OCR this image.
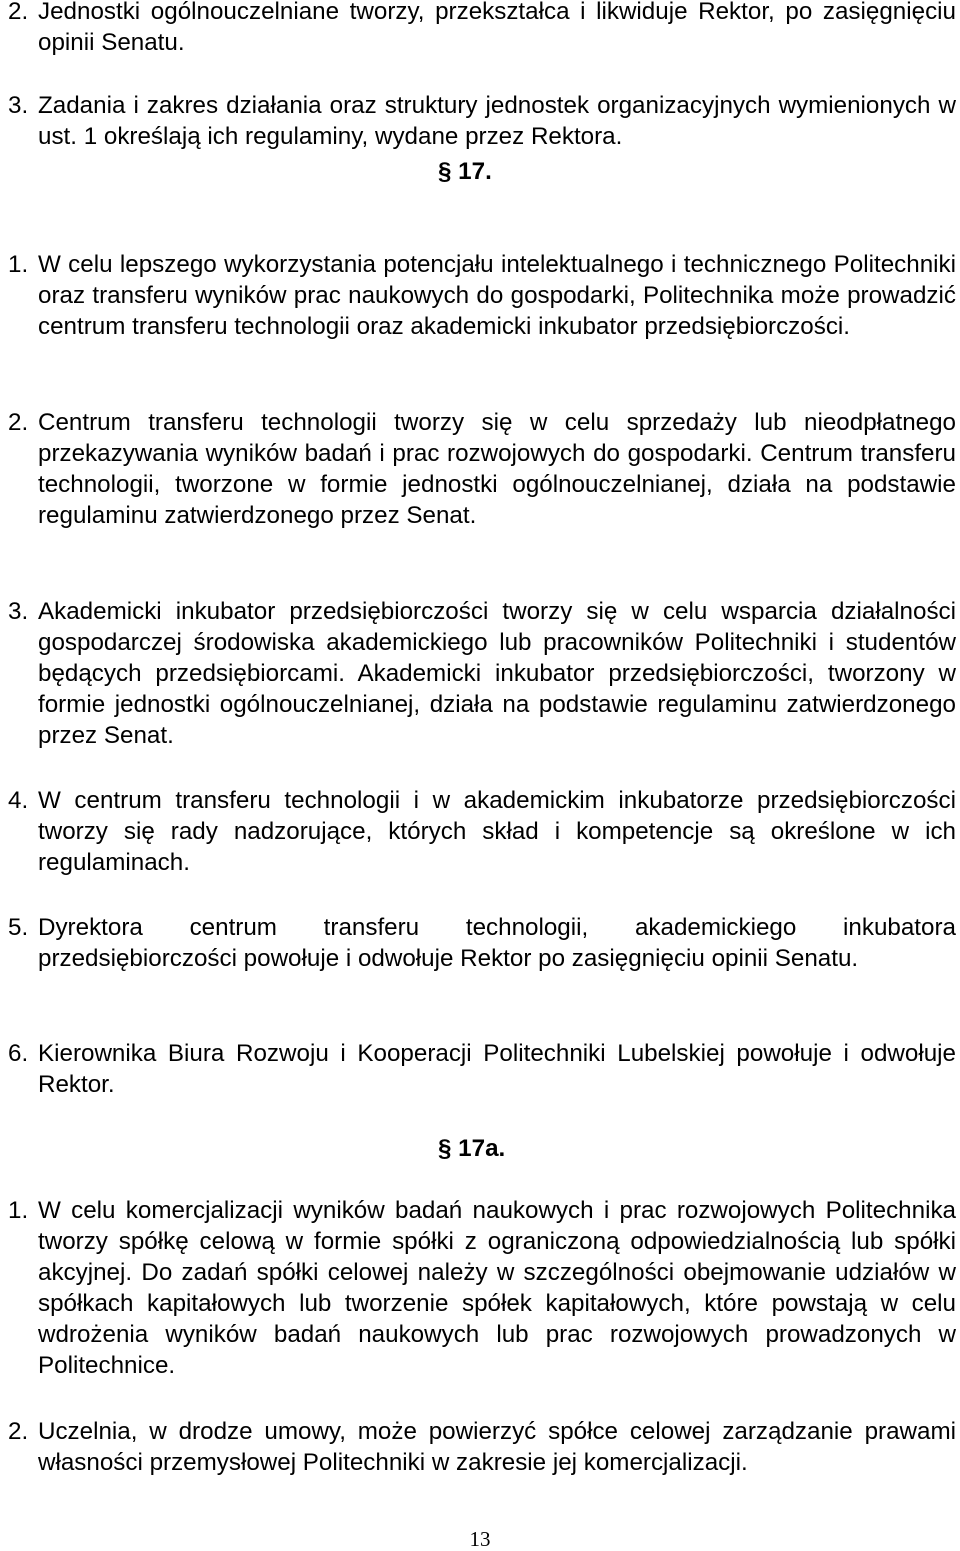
2. Jednostki ogólnouczelniane tworzy, przekształca i likwiduje Rektor, po zasięgnięciu opinii Senatu.

3. Zadania i zakres działania oraz struktury jednostek organizacyjnych wymienionych w ust. 1 określają ich regulaminy, wydane przez Rektora.

§ 17.

1. W celu lepszego wykorzystania potencjału intelektualnego i technicznego Politechniki oraz transferu wyników prac naukowych do gospodarki, Politechnika może prowadzić centrum transferu technologii oraz akademicki inkubator przedsiębiorczości.

2. Centrum transferu technologii tworzy się w celu sprzedaży lub nieodpłatnego przekazywania wyników badań i prac rozwojowych do gospodarki. Centrum transferu technologii, tworzone w formie jednostki ogólnouczelnianej, działa na podstawie regulaminu zatwierdzonego przez Senat.

3. Akademicki inkubator przedsiębiorczości tworzy się w celu wsparcia działalności gospodarczej środowiska akademickiego lub pracowników Politechniki i studentów będących przedsiębiorcami. Akademicki inkubator przedsiębiorczości, tworzony w formie jednostki ogólnouczelnianej, działa na podstawie regulaminu zatwierdzonego przez Senat.

4. W centrum transferu technologii i w akademickim inkubatorze przedsiębiorczości tworzy się rady nadzorujące, których skład i kompetencje są określone w ich regulaminach.

5. Dyrektora centrum transferu technologii, akademickiego inkubatora przedsiębiorczości powołuje i odwołuje Rektor po zasięgnięciu opinii Senatu.

6. Kierownika Biura Rozwoju i Kooperacji Politechniki Lubelskiej powołuje i odwołuje Rektor.

§ 17a.

1. W celu komercjalizacji wyników badań naukowych i prac rozwojowych Politechnika tworzy spółkę celową w formie spółki z ograniczoną odpowiedzialnością lub spółki akcyjnej. Do zadań spółki celowej należy w szczególności obejmowanie udziałów w spółkach kapitałowych lub tworzenie spółek kapitałowych, które powstają w celu wdrożenia wyników badań naukowych lub prac rozwojowych prowadzonych w Politechnice.

2. Uczelnia, w drodze umowy, może powierzyć spółce celowej zarządzanie prawami własności przemysłowej Politechniki w zakresie jej komercjalizacji.

13
